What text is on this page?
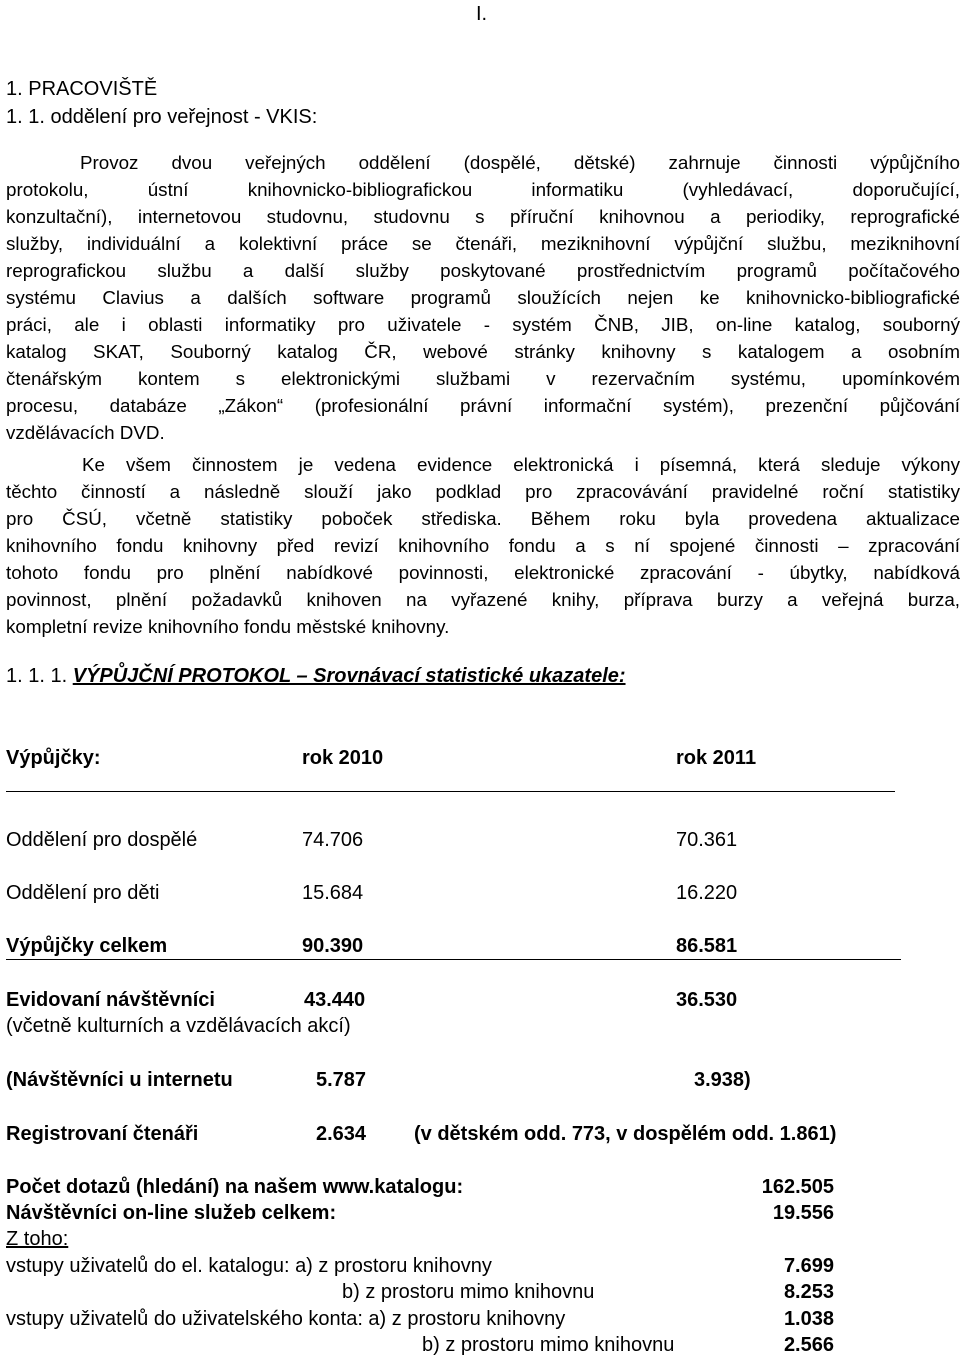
I.
1. PRACOVIŠTĚ
1. 1. oddělení pro veřejnost - VKIS:
Provoz dvou veřejných oddělení (dospělé, dětské) zahrnuje činnosti výpůjčního
protokolu, ústní knihovnicko-bibliografickou informatiku (vyhledávací, doporučující,
konzultační), internetovou studovnu, studovnu s příruční knihovnou a periodiky, reprografické
služby, individuální a kolektivní práce se čtenáři, meziknihovní výpůjční službu, meziknihovní
reprografickou službu a další služby poskytované prostřednictvím programů počítačového
systému Clavius a dalších software programů sloužících nejen ke knihovnicko-bibliografické
práci, ale i oblasti informatiky pro uživatele - systém ČNB, JIB, on-line katalog, souborný
katalog SKAT, Souborný katalog ČR, webové stránky knihovny s katalogem a osobním
čtenářským kontem s elektronickými službami v rezervačním systému, upomínkovém
procesu, databáze „Zákon“ (profesionální právní informační systém), prezenční půjčování
vzdělávacích DVD.
Ke všem činnostem je vedena evidence elektronická i písemná, která sleduje výkony
těchto činností a následně slouží jako podklad pro zpracovávání pravidelné roční statistiky
pro ČSÚ, včetně statistiky poboček střediska. Během roku byla provedena aktualizace
knihovního fondu knihovny před revizí knihovního fondu a s ní spojené činnosti – zpracování
tohoto fondu pro plnění nabídkové povinnosti, elektronické zpracování - úbytky, nabídková
povinnost, plnění požadavků knihoven na vyřazené knihy, příprava burzy a veřejná burza,
kompletní revize knihovního fondu městské knihovny.
1. 1. 1. VÝPŮJČNÍ PROTOKOL – Srovnávací statistické ukazatele:
Výpůjčky:	rok 2010	rok 2011
Oddělení pro dospělé	74.706	70.361
Oddělení pro děti	15.684	16.220
Výpůjčky celkem	90.390	86.581
Evidovaní návštěvníci	43.440	36.530
(včetně kulturních a vzdělávacích akcí)
(Návštěvníci u internetu	5.787	3.938)
Registrovaní čtenáři	2.634 (v dětském odd. 773, v dospělém odd. 1.861)
Počet dotazů (hledání) na našem www.katalogu:	162.505
Návštěvníci on-line služeb celkem:	19.556
Z toho:
vstupy uživatelů do el. katalogu: a) z prostoru knihovny	7.699
b) z prostoru mimo knihovnu	8.253
vstupy uživatelů do uživatelského konta: a) z prostoru knihovny	1.038
b) z prostoru mimo knihovnu	2.566
